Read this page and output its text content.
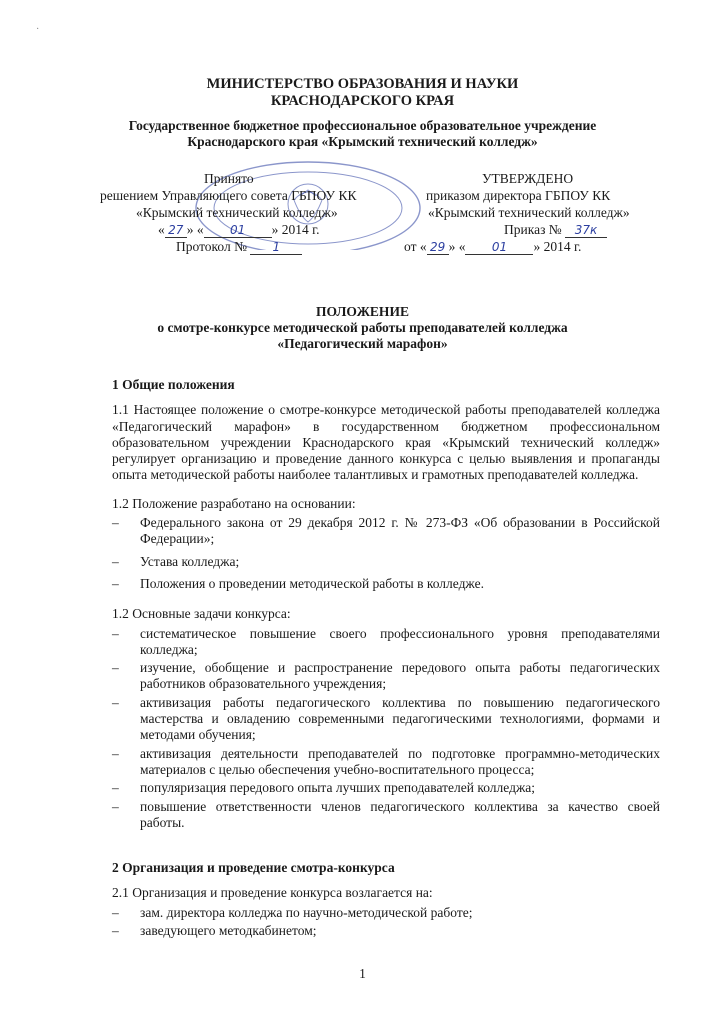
·
МИНИСТЕРСТВО ОБРАЗОВАНИЯ И НАУКИ
КРАСНОДАРСКОГО КРАЯ
Государственное бюджетное профессиональное образовательное учреждение
Краснодарского края «Крымский технический колледж»
Принято
решением Управляющего совета ГБПОУ КК
«Крымский технический колледж»
« 27 » « 01 » 2014 г.
Протокол № 1
УТВЕРЖДЕНО
приказом директора ГБПОУ КК
«Крымский технический колледж»
Приказ № 37к
от « 29 » « 01 » 2014 г.
ПОЛОЖЕНИЕ
о смотре-конкурсе методической работы преподавателей колледжа
«Педагогический марафон»
1 Общие положения

1.1 Настоящее положение о смотре-конкурсе методической работы преподавателей колледжа «Педагогический марафон» в государственном бюджетном профессиональном образовательном учреждении Краснодарского края «Крымский технический колледж» регулирует организацию и проведение данного конкурса с целью выявления и пропаганды опыта методической работы наиболее талантливых и грамотных преподавателей колледжа.

1.2 Положение разработано на основании:

– Федерального закона от 29 декабря 2012 г. № 273-ФЗ «Об образовании в Российской Федерации»;
– Устава колледжа;
– Положения о проведении методической работы в колледже.

1.2 Основные задачи конкурса:

– систематическое повышение своего профессионального уровня преподавателями колледжа;
– изучение, обобщение и распространение передового опыта работы педагогических работников образовательного учреждения;
– активизация работы педагогического коллектива по повышению педагогического мастерства и овладению современными педагогическими технологиями, формами и методами обучения;
– активизация деятельности преподавателей по подготовке программно-методических материалов с целью обеспечения учебно-воспитательного процесса;
– популяризация передового опыта лучших преподавателей колледжа;
– повышение ответственности членов педагогического коллектива за качество своей работы.
2 Организация и проведение смотра-конкурса

2.1 Организация и проведение конкурса возлагается на:

– зам. директора колледжа по научно-методической работе;
– заведующего методкабинетом;
1
